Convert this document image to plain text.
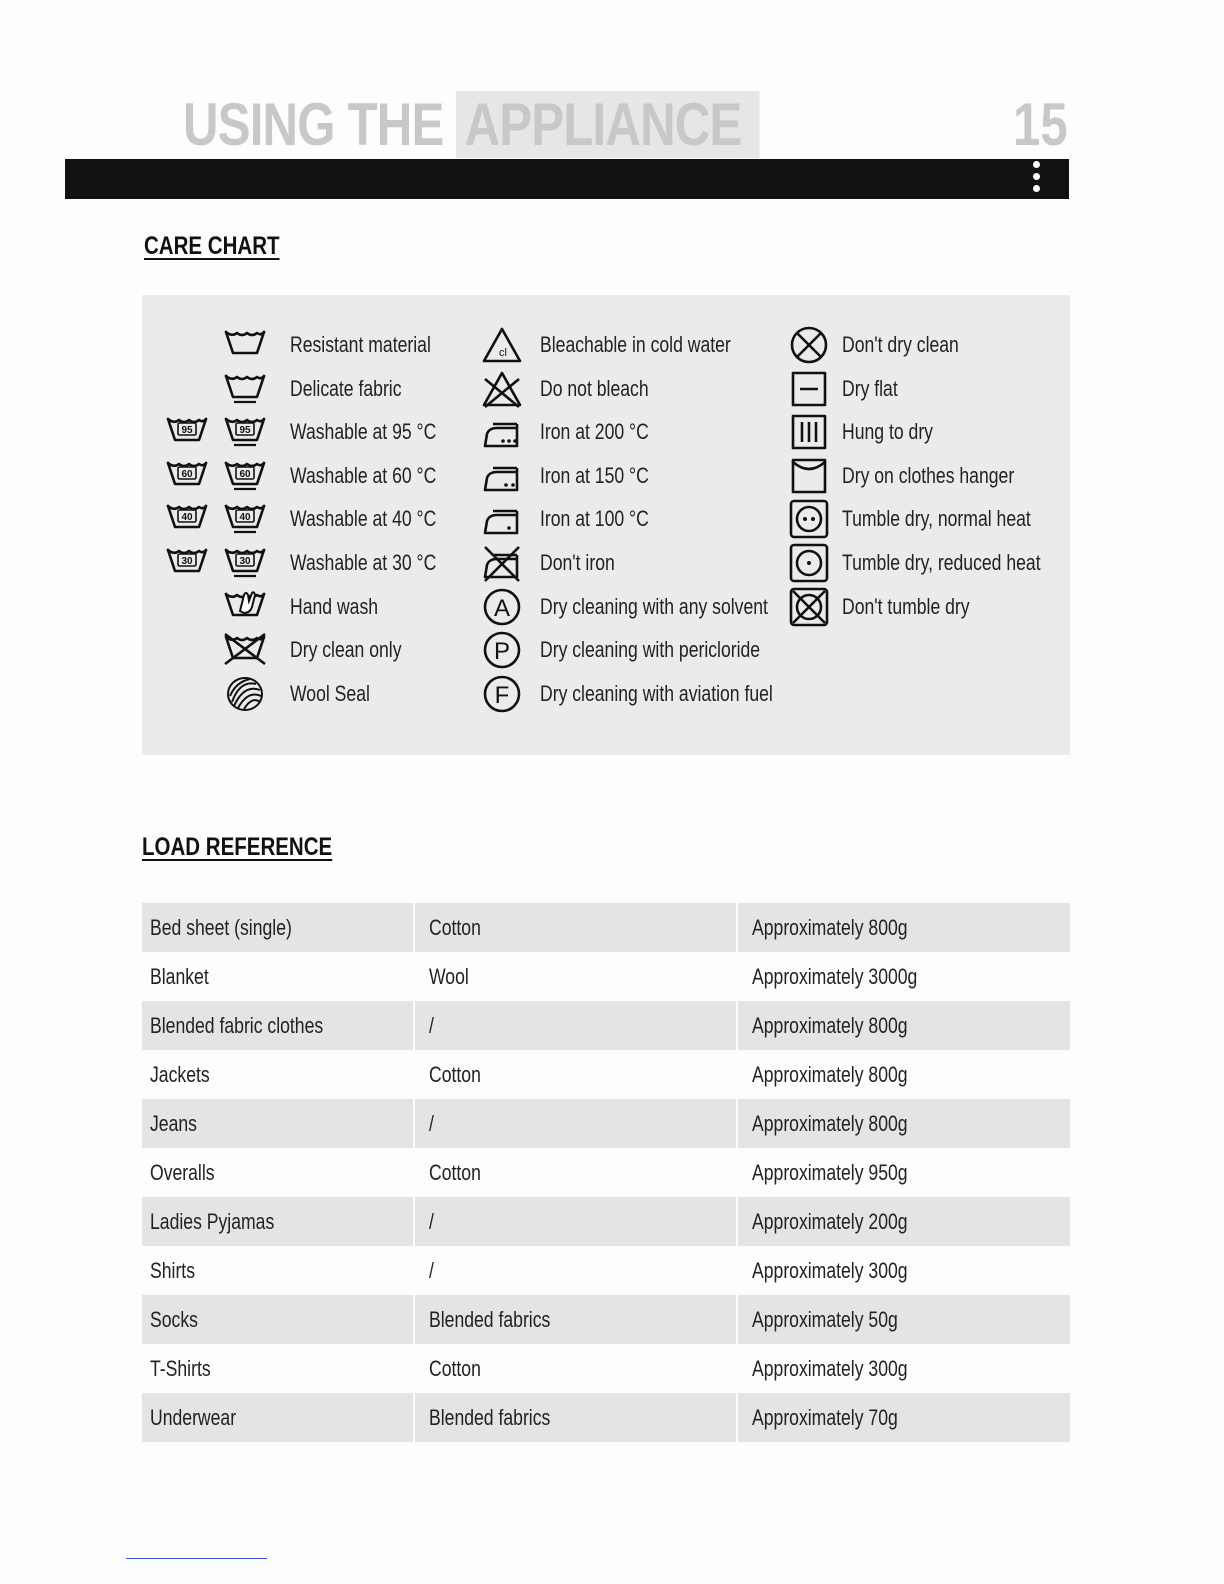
USING THE APPLIANCE	15
CARE CHART
Resistant material
Delicate fabric
95
95	Washable at 95 °C
60
60	Washable at 60 °C
40
40	Washable at 40 °C
30
30	Washable at 30 °C
Hand wash
Dry clean only
Wool Seal
cl Bleachable in cold water
Do not bleach
Iron at 200 °C
Iron at 150 °C
Iron at 100 °C
Don't iron
A Dry cleaning with any solvent
P Dry cleaning with pericloride
F Dry cleaning with aviation fuel
Don't dry clean
Dry flat
Hung to dry
Dry on clothes hanger
Tumble dry, normal heat
Tumble dry, reduced heat
Don't tumble dry
LOAD REFERENCE
Bed sheet (single)	Cotton	Approximately 800g
Blanket	Wool	Approximately 3000g
Blended fabric clothes	/	Approximately 800g
Jackets	Cotton	Approximately 800g
Jeans	/	Approximately 800g
Overalls	Cotton	Approximately 950g
Ladies Pyjamas	/	Approximately 200g
Shirts	/	Approximately 300g
Socks	Blended fabrics	Approximately 50g
T-Shirts	Cotton	Approximately 300g
Underwear	Blended fabrics	Approximately 70g
